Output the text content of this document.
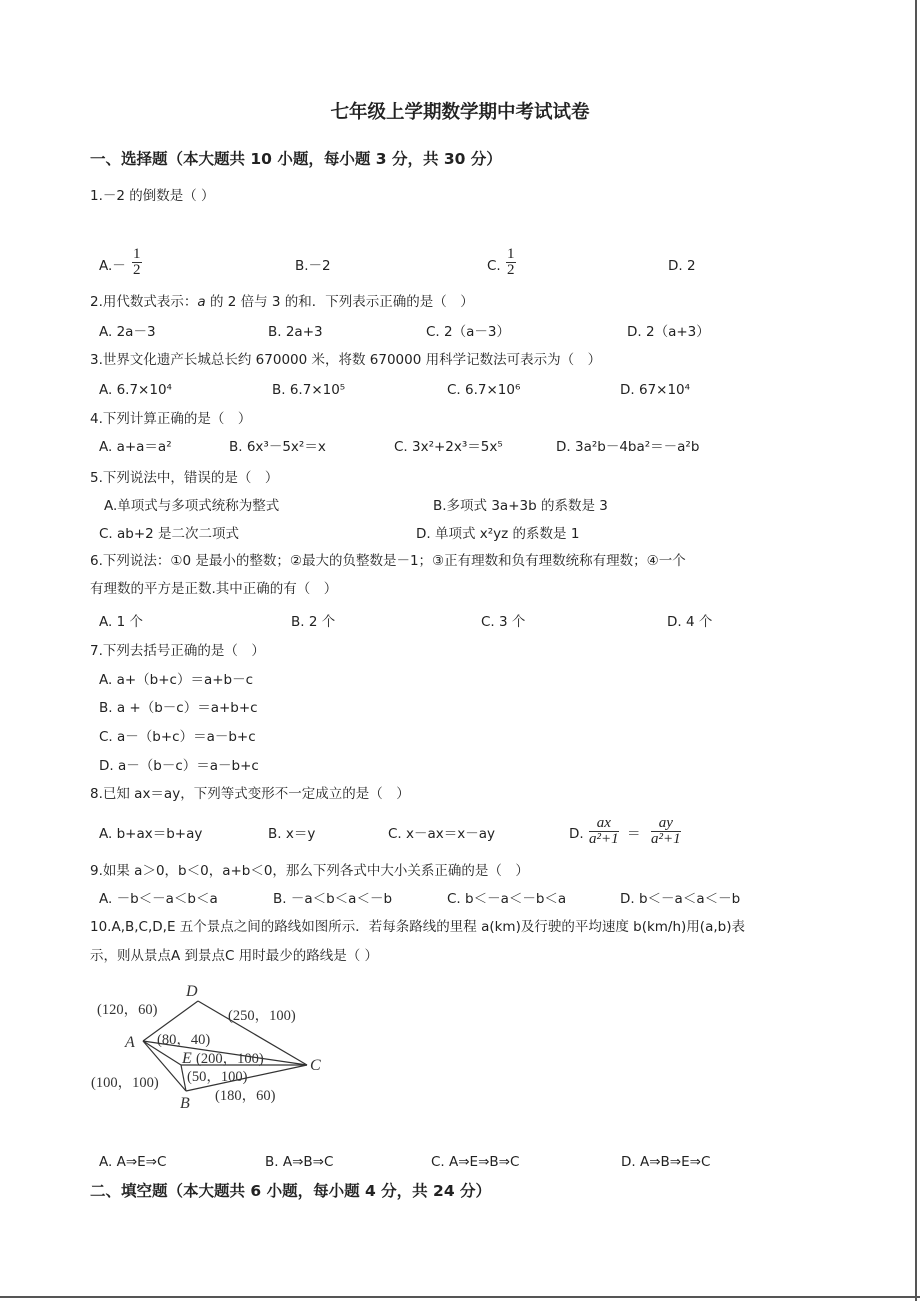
七年级上学期数学期中考试试卷
一、选择题（本大题共 10 小题，每小题 3 分，共 30 分）
1.－2 的倒数是（ ）
$A.- \frac{1}{2}$	B.－2	C. $\frac{1}{2}$	D. 2
2.用代数式表示：a 的 2 倍与 3 的和．下列表示正确的是（　）
A. 2a－3	B. 2a+3	C. 2（a－3）	D. 2（a+3）
3.世界文化遗产长城总长约 670000 米，将数 670000 用科学记数法可表示为（　）
A. 6.7×10⁴	B. 6.7×10⁵	C. 6.7×10⁶	D. 67×10⁴
4.下列计算正确的是（　）
A. a+a＝a²	B. 6x³－5x²＝x	C. 3x²+2x³＝5x⁵	D. 3a²b－4ba²＝－a²b
5.下列说法中，错误的是（　）
A.单项式与多项式统称为整式	B.多项式 3a+3b 的系数是 3
C. ab+2 是二次二项式	D. 单项式 x²yz 的系数是 1
6.下列说法：①0 是最小的整数；②最大的负整数是－1；③正有理数和负有理数统称有理数；④一个
有理数的平方是正数.其中正确的有（　）
A. 1 个	B. 2 个	C. 3 个	D. 4 个
7.下列去括号正确的是（　）
A. a+（b+c）＝a+b－c
B. a +（b－c）＝a+b+c
C. a－（b+c）＝a－b+c
D. a－（b－c）＝a－b+c
8.已知 ax＝ay，下列等式变形不一定成立的是（　）
A. b+ax＝b+ay	B. x＝y	C. x－ax＝x－ay	D. $\frac{ax}{\text{a²+1}} = \frac{ay}{\text{a²+1}}$
9.如果 a＞0，b＜0，a+b＜0，那么下列各式中大小关系正确的是（　）
A. －b＜－a＜b＜a	B. －a＜b＜a＜－b	C. b＜－a＜－b＜a	D. b＜－a＜a＜－b
10.A,B,C,D,E 五个景点之间的路线如图所示．若每条路线的里程 a(km)及行驶的平均速度 b(km/h)用(a,b)表
示，则从景点A 到景点C 用时最少的路线是（ ）
D
A
E	C
B
(120，60)	(250，100)
(80，40)
(200，100)
(50，100)
(100，100)
(180，60)
A. A⇒E⇒C	B. A⇒B⇒C	C. A⇒E⇒B⇒C	D. A⇒B⇒E⇒C
二、填空题（本大题共 6 小题，每小题 4 分，共 24 分）
